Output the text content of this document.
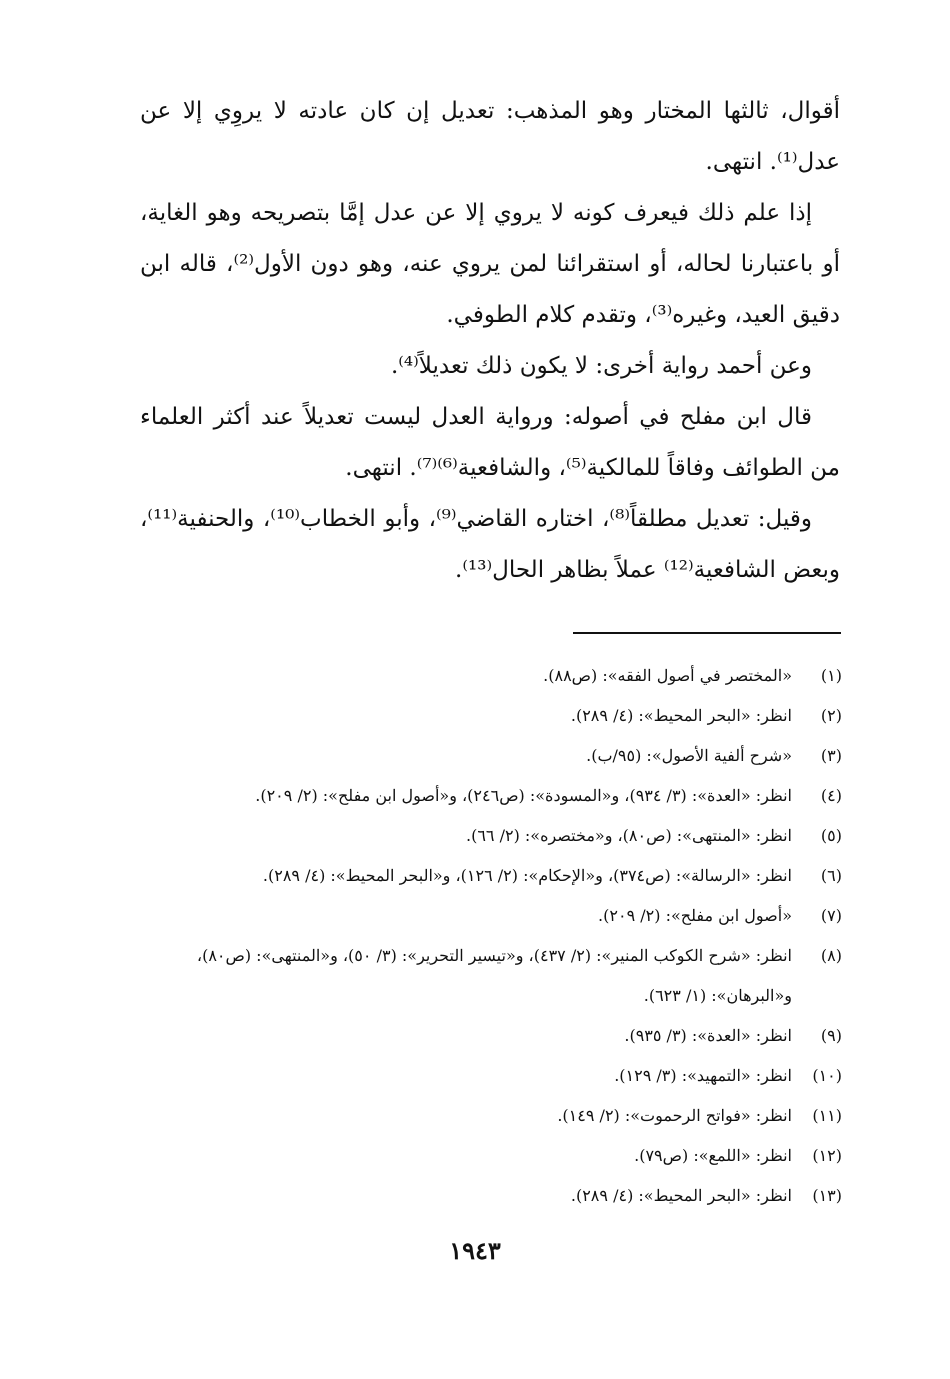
أقوال، ثالثها المختار وهو المذهب: تعديل إن كان عادته لا يروِي إلا عن عدل⁽¹⁾. انتهى.

إذا علم ذلك فيعرف كونه لا يروي إلا عن عدل إمَّا بتصريحه وهو الغاية، أو باعتبارنا لحاله، أو استقرائنا لمن يروي عنه، وهو دون الأول⁽²⁾، قاله ابن دقيق العيد، وغيره⁽³⁾، وتقدم كلام الطوفي.

وعن أحمد رواية أخرى: لا يكون ذلك تعديلاً⁽⁴⁾.

قال ابن مفلح في أصوله: ورواية العدل ليست تعديلاً عند أكثر العلماء من الطوائف وفاقاً للمالكية⁽⁵⁾، والشافعية⁽⁶⁾⁽⁷⁾. انتهى.

وقيل: تعديل مطلقاً⁽⁸⁾، اختاره القاضي⁽⁹⁾، وأبو الخطاب⁽¹⁰⁾، والحنفية⁽¹¹⁾، وبعض الشافعية⁽¹²⁾ عملاً بظاهر الحال⁽¹³⁾.

(١)
«المختصر في أصول الفقه»: (ص٨٨).
(٢)
انظر: «البحر المحيط»: (٤/ ٢٨٩).
(٣)
«شرح ألفية الأصول»: (٩٥/ب).
(٤)
انظر: «العدة»: (٣/ ٩٣٤)، و«المسودة»: (ص٢٤٦)، و«أصول ابن مفلح»: (٢/ ٢٠٩).
(٥)
انظر: «المنتهى»: (ص٨٠)، و«مختصره»: (٢/ ٦٦).
(٦)
انظر: «الرسالة»: (ص٣٧٤)، و«الإحكام»: (٢/ ١٢٦)، و«البحر المحيط»: (٤/ ٢٨٩).
(٧)
«أصول ابن مفلح»: (٢/ ٢٠٩).
(٨)
انظر: «شرح الكوكب المنير»: (٢/ ٤٣٧)، و«تيسير التحرير»: (٣/ ٥٠)، و«المنتهى»: (ص٨٠)، و«البرهان»: (١/ ٦٢٣).
(٩)
انظر: «العدة»: (٣/ ٩٣٥).
(١٠)
انظر: «التمهيد»: (٣/ ١٢٩).
(١١)
انظر: «فواتح الرحموت»: (٢/ ١٤٩).
(١٢)
انظر: «اللمع»: (ص٧٩).
(١٣)
انظر: «البحر المحيط»: (٤/ ٢٨٩).
١٩٤٣
